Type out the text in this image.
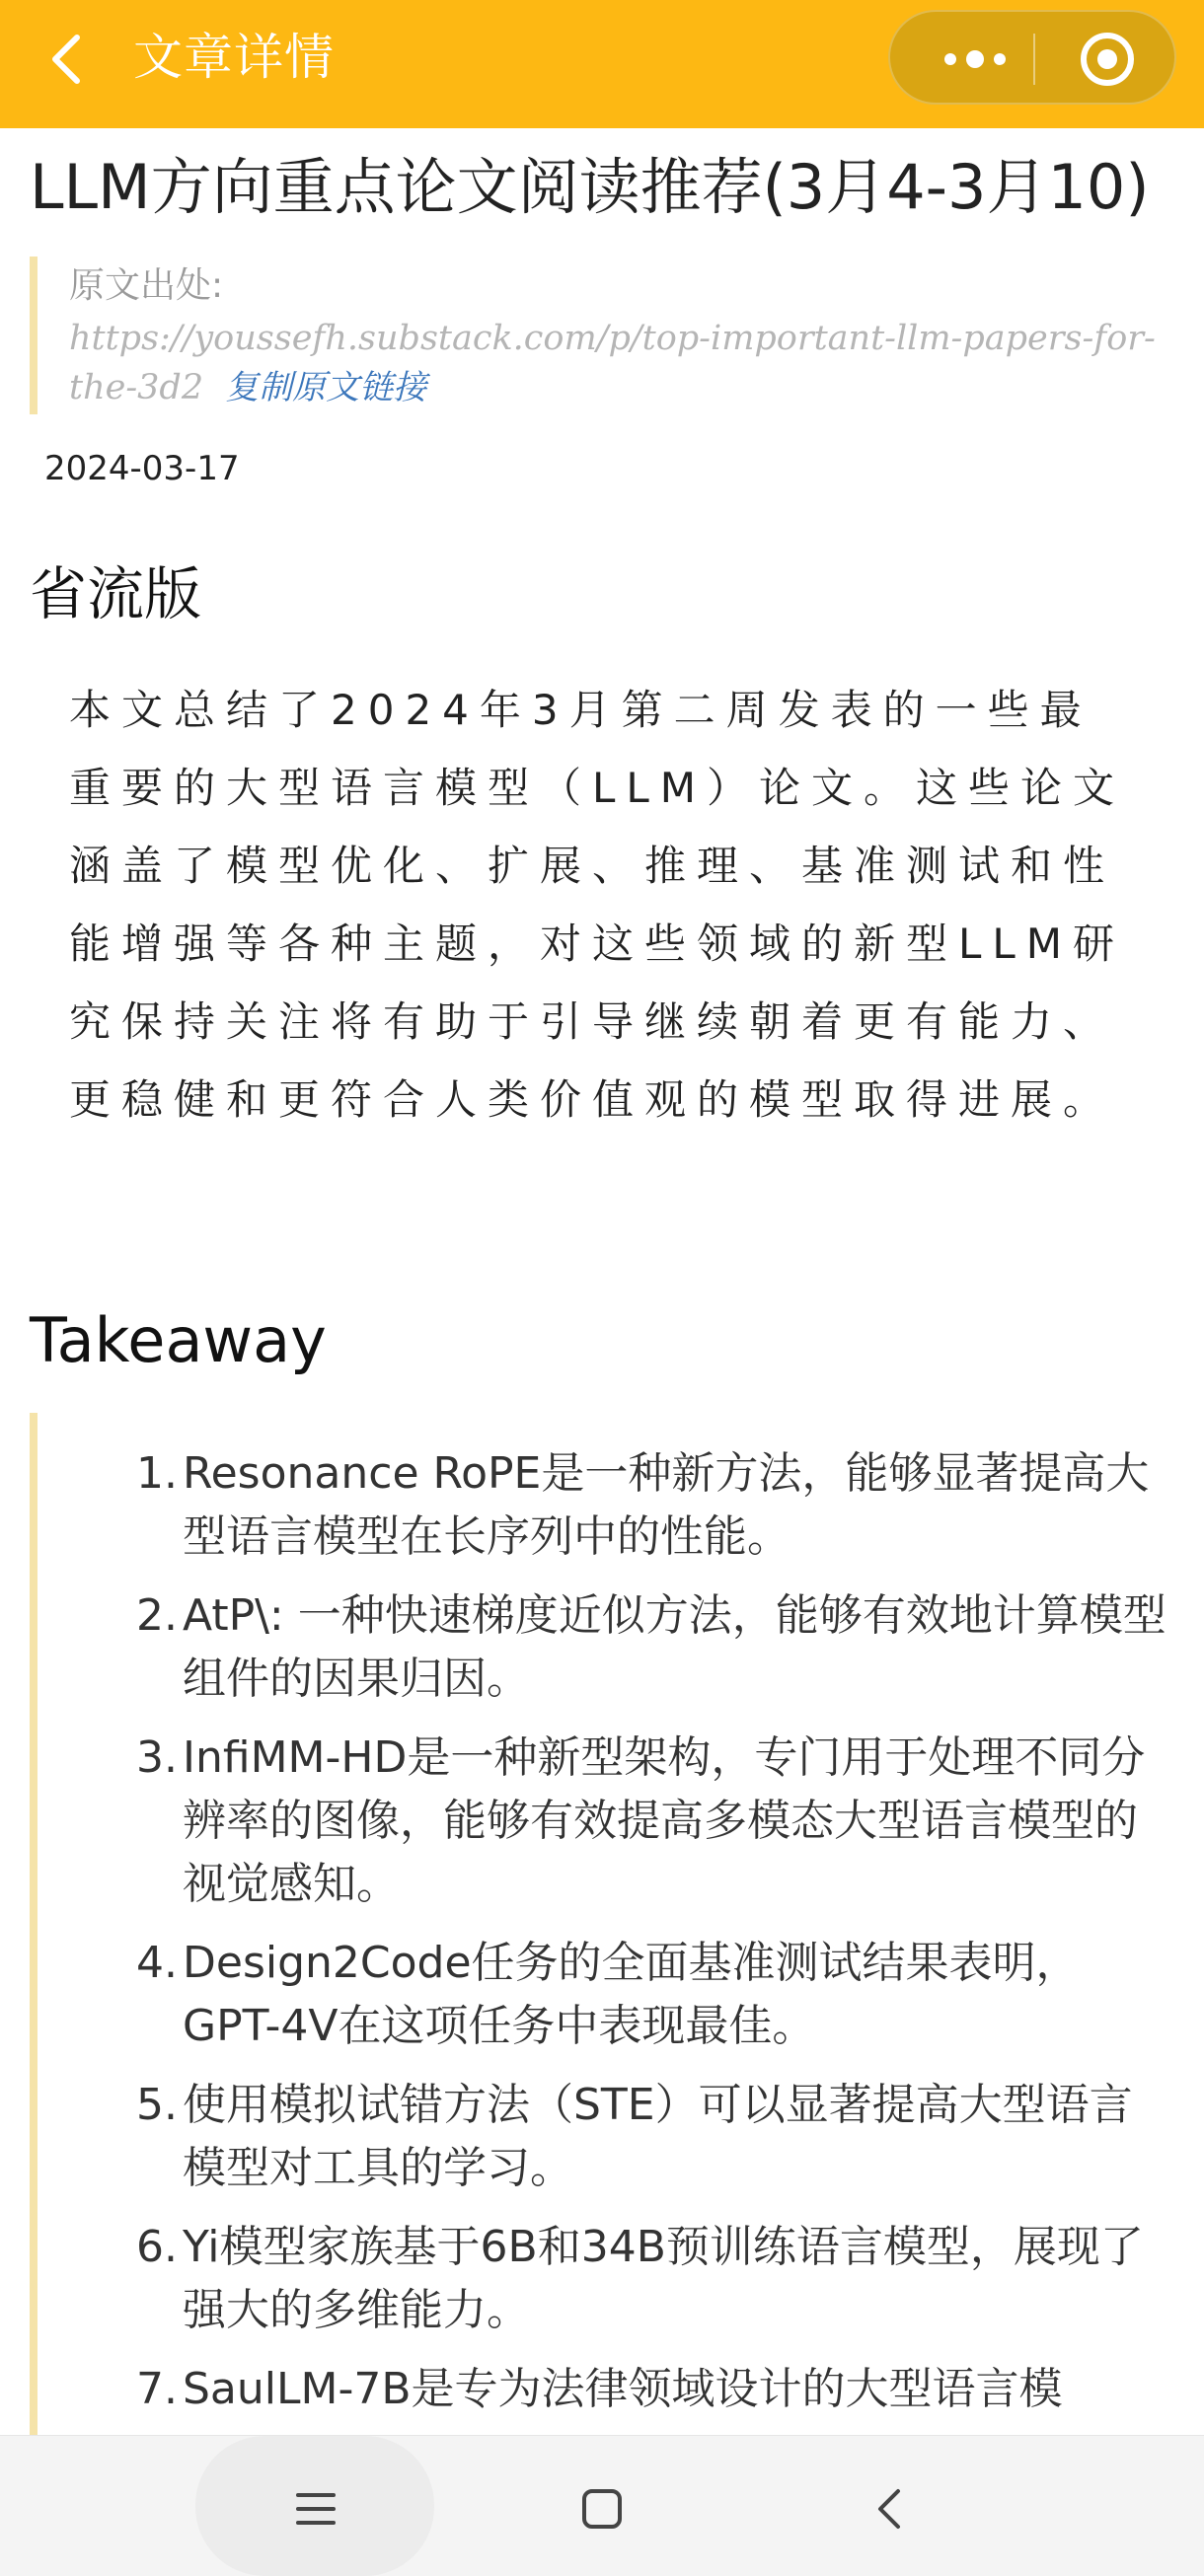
文章详情
LLM方向重点论文阅读推荐(3月4-3月10)
原文出处:
https://youssefh.substack.com/p/top-important-llm-papers-for-the-3d2 复制原文链接
2024-03-17
省流版
本文总结了2024年3月第二周发表的一些最重要的大型语言模型（LLM）论文。这些论文涵盖了模型优化、扩展、推理、基准测试和性能增强等各种主题，对这些领域的新型LLM研究保持关注将有助于引导继续朝着更有能力、更稳健和更符合人类价值观的模型取得进展。
Takeaway
1. Resonance RoPE是一种新方法，能够显著提高大型语言模型在长序列中的性能。
2. AtP\: 一种快速梯度近似方法，能够有效地计算模型组件的因果归因。
3. InfiMM-HD是一种新型架构，专门用于处理不同分辨率的图像，能够有效提高多模态大型语言模型的视觉感知。
4. Design2Code任务的全面基准测试结果表明，GPT-4V在这项任务中表现最佳。
5. 使用模拟试错方法（STE）可以显著提高大型语言模型对工具的学习。
6. Yi模型家族基于6B和34B预训练语言模型，展现了强大的多维能力。
7. SaulLM-7B是专为法律领域设计的大型语言模
